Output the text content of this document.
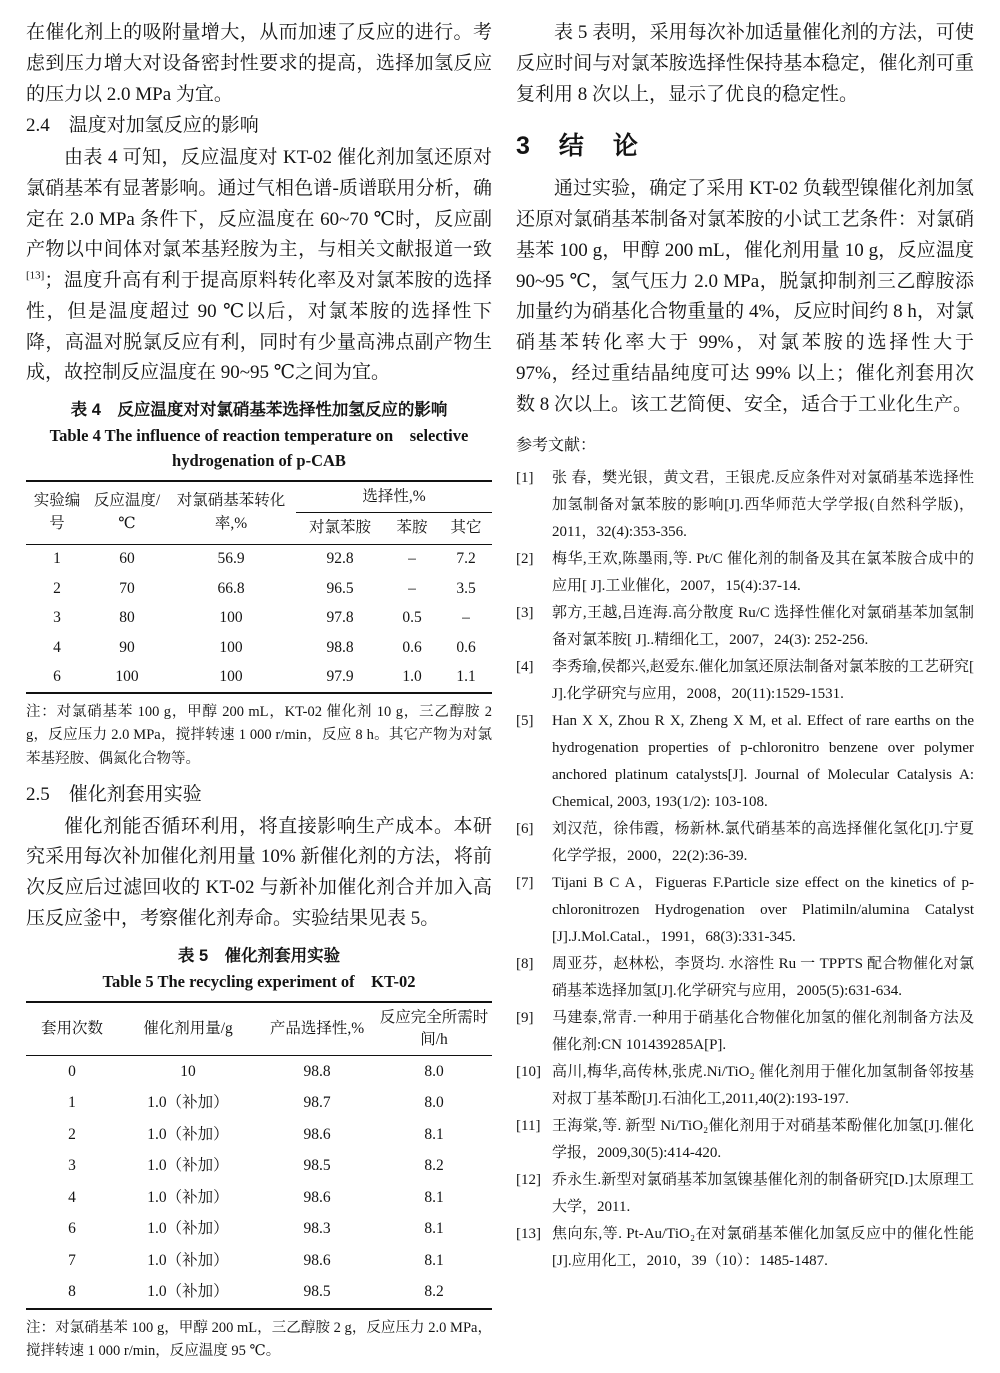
在催化剂上的吸附量增大，从而加速了反应的进行。考虑到压力增大对设备密封性要求的提高，选择加氢反应的压力以 2.0 MPa 为宜。

2.4　温度对加氢反应的影响

由表 4 可知，反应温度对 KT-02 催化剂加氢还原对氯硝基苯有显著影响。通过气相色谱-质谱联用分析，确定在 2.0 MPa 条件下，反应温度在 60~70 ℃时，反应副产物以中间体对氯苯基羟胺为主，与相关文献报道一致[13]；温度升高有利于提高原料转化率及对氯苯胺的选择性，但是温度超过 90 ℃以后，对氯苯胺的选择性下降，高温对脱氯反应有利，同时有少量高沸点副产物生成，故控制反应温度在 90~95 ℃之间为宜。

表 4　反应温度对对氯硝基苯选择性加氢反应的影响
Table 4 The influence of reaction temperature on　selective
hydrogenation of p-CAB
实验编号	反应温度/℃	对氯硝基苯转化率,%	选择性,%		
			对氯苯胺	苯胺	其它
1	60	56.9	92.8	–	7.2
2	70	66.8	96.5	–	3.5
3	80	100	97.8	0.5	–
4	90	100	98.8	0.6	0.6
6	100	100	97.9	1.0	1.1

注：对氯硝基苯 100 g，甲醇 200 mL，KT-02 催化剂 10 g，三乙醇胺 2 g，反应压力 2.0 MPa，搅拌转速 1 000 r/min，反应 8 h。其它产物为对氯苯基羟胺、偶氮化合物等。

2.5　催化剂套用实验

催化剂能否循环利用，将直接影响生产成本。本研究采用每次补加催化剂用量 10% 新催化剂的方法，将前次反应后过滤回收的 KT-02 与新补加催化剂合并加入高压反应釜中，考察催化剂寿命。实验结果见表 5。

表 5　催化剂套用实验
Table 5 The recycling experiment of　KT-02
套用次数	催化剂用量/g	产品选择性,%	反应完全所需时间/h
0	10	98.8	8.0
1	1.0（补加）	98.7	8.0
2	1.0（补加）	98.6	8.1
3	1.0（补加）	98.5	8.2
4	1.0（补加）	98.6	8.1
6	1.0（补加）	98.3	8.1
7	1.0（补加）	98.6	8.1
8	1.0（补加）	98.5	8.2

注：对氯硝基苯 100 g，甲醇 200 mL，三乙醇胺 2 g，反应压力 2.0 MPa，搅拌转速 1 000 r/min，反应温度 95 ℃。

表 5 表明，采用每次补加适量催化剂的方法，可使反应时间与对氯苯胺选择性保持基本稳定，催化剂可重复利用 8 次以上，显示了优良的稳定性。

3　结　论

通过实验，确定了采用 KT-02 负载型镍催化剂加氢还原对氯硝基苯制备对氯苯胺的小试工艺条件：对氯硝基苯 100 g，甲醇 200 mL，催化剂用量 10 g，反应温度 90~95 ℃，氢气压力 2.0 MPa，脱氯抑制剂三乙醇胺添加量约为硝基化合物重量的 4%，反应时间约 8 h，对氯硝基苯转化率大于 99%，对氯苯胺的选择性大于 97%，经过重结晶纯度可达 99% 以上；催化剂套用次数 8 次以上。该工艺简便、安全，适合于工业化生产。

参考文献：
[1]	张 春，樊光银，黄文君，王银虎.反应条件对对氯硝基苯选择性加氢制备对氯苯胺的影响[J].西华师范大学学报(自然科学版)，2011，32(4):353-356.
[2]	梅华,王欢,陈墨雨,等. Pt/C 催化剂的制备及其在氯苯胺合成中的应用[ J].工业催化，2007，15(4):37-14.
[3]	郭方,王越,吕连海.高分散度 Ru/C 选择性催化对氯硝基苯加氢制备对氯苯胺[ J]..精细化工，2007，24(3): 252-256.
[4]	李秀瑜,侯都兴,赵爱东.催化加氢还原法制备对氯苯胺的工艺研究[ J].化学研究与应用，2008，20(11):1529-1531.
[5]	Han X X, Zhou R X, Zheng X M, et al. Effect of rare earths on the hydrogenation properties of p-chloronitro benzene over polymer anchored platinum catalysts[J]. Journal of Molecular Catalysis A: Chemical, 2003, 193(1/2): 103-108.
[6]	刘汉范，徐伟霞，杨新林.氯代硝基苯的高选择催化氢化[J].宁夏化学学报，2000，22(2):36-39.
[7]	Tijani B C A，Figueras F.Particle size effect on the kinetics of p-chloronitrozen Hydrogenation over Platimiln/alumina Catalyst [J].J.Mol.Catal.，1991，68(3):331-345.
[8]	周亚芬，赵林松，李贤均. 水溶性 Ru 一 TPPTS 配合物催化对氯硝基苯选择加氢[J].化学研究与应用，2005(5):631-634.
[9]	马建泰,常青.一种用于硝基化合物催化加氢的催化剂制备方法及催化剂:CN 101439285A[P].
[10] 高川,梅华,高传林,张虎.Ni/TiO₂ 催化剂用于催化加氢制备邻按基对叔丁基苯酚[J].石油化工,2011,40(2):193-197.
[11] 王海棠,等. 新型 Ni/TiO₂催化剂用于对硝基苯酚催化加氢[J].催化学报，2009,30(5):414-420.
[12] 乔永生.新型对氯硝基苯加氢镍基催化剂的制备研究[D.]太原理工大学，2011.
[13] 焦向东,等. Pt-Au/TiO₂在对氯硝基苯催化加氢反应中的催化性能[J].应用化工，2010，39（10）：1485-1487.
